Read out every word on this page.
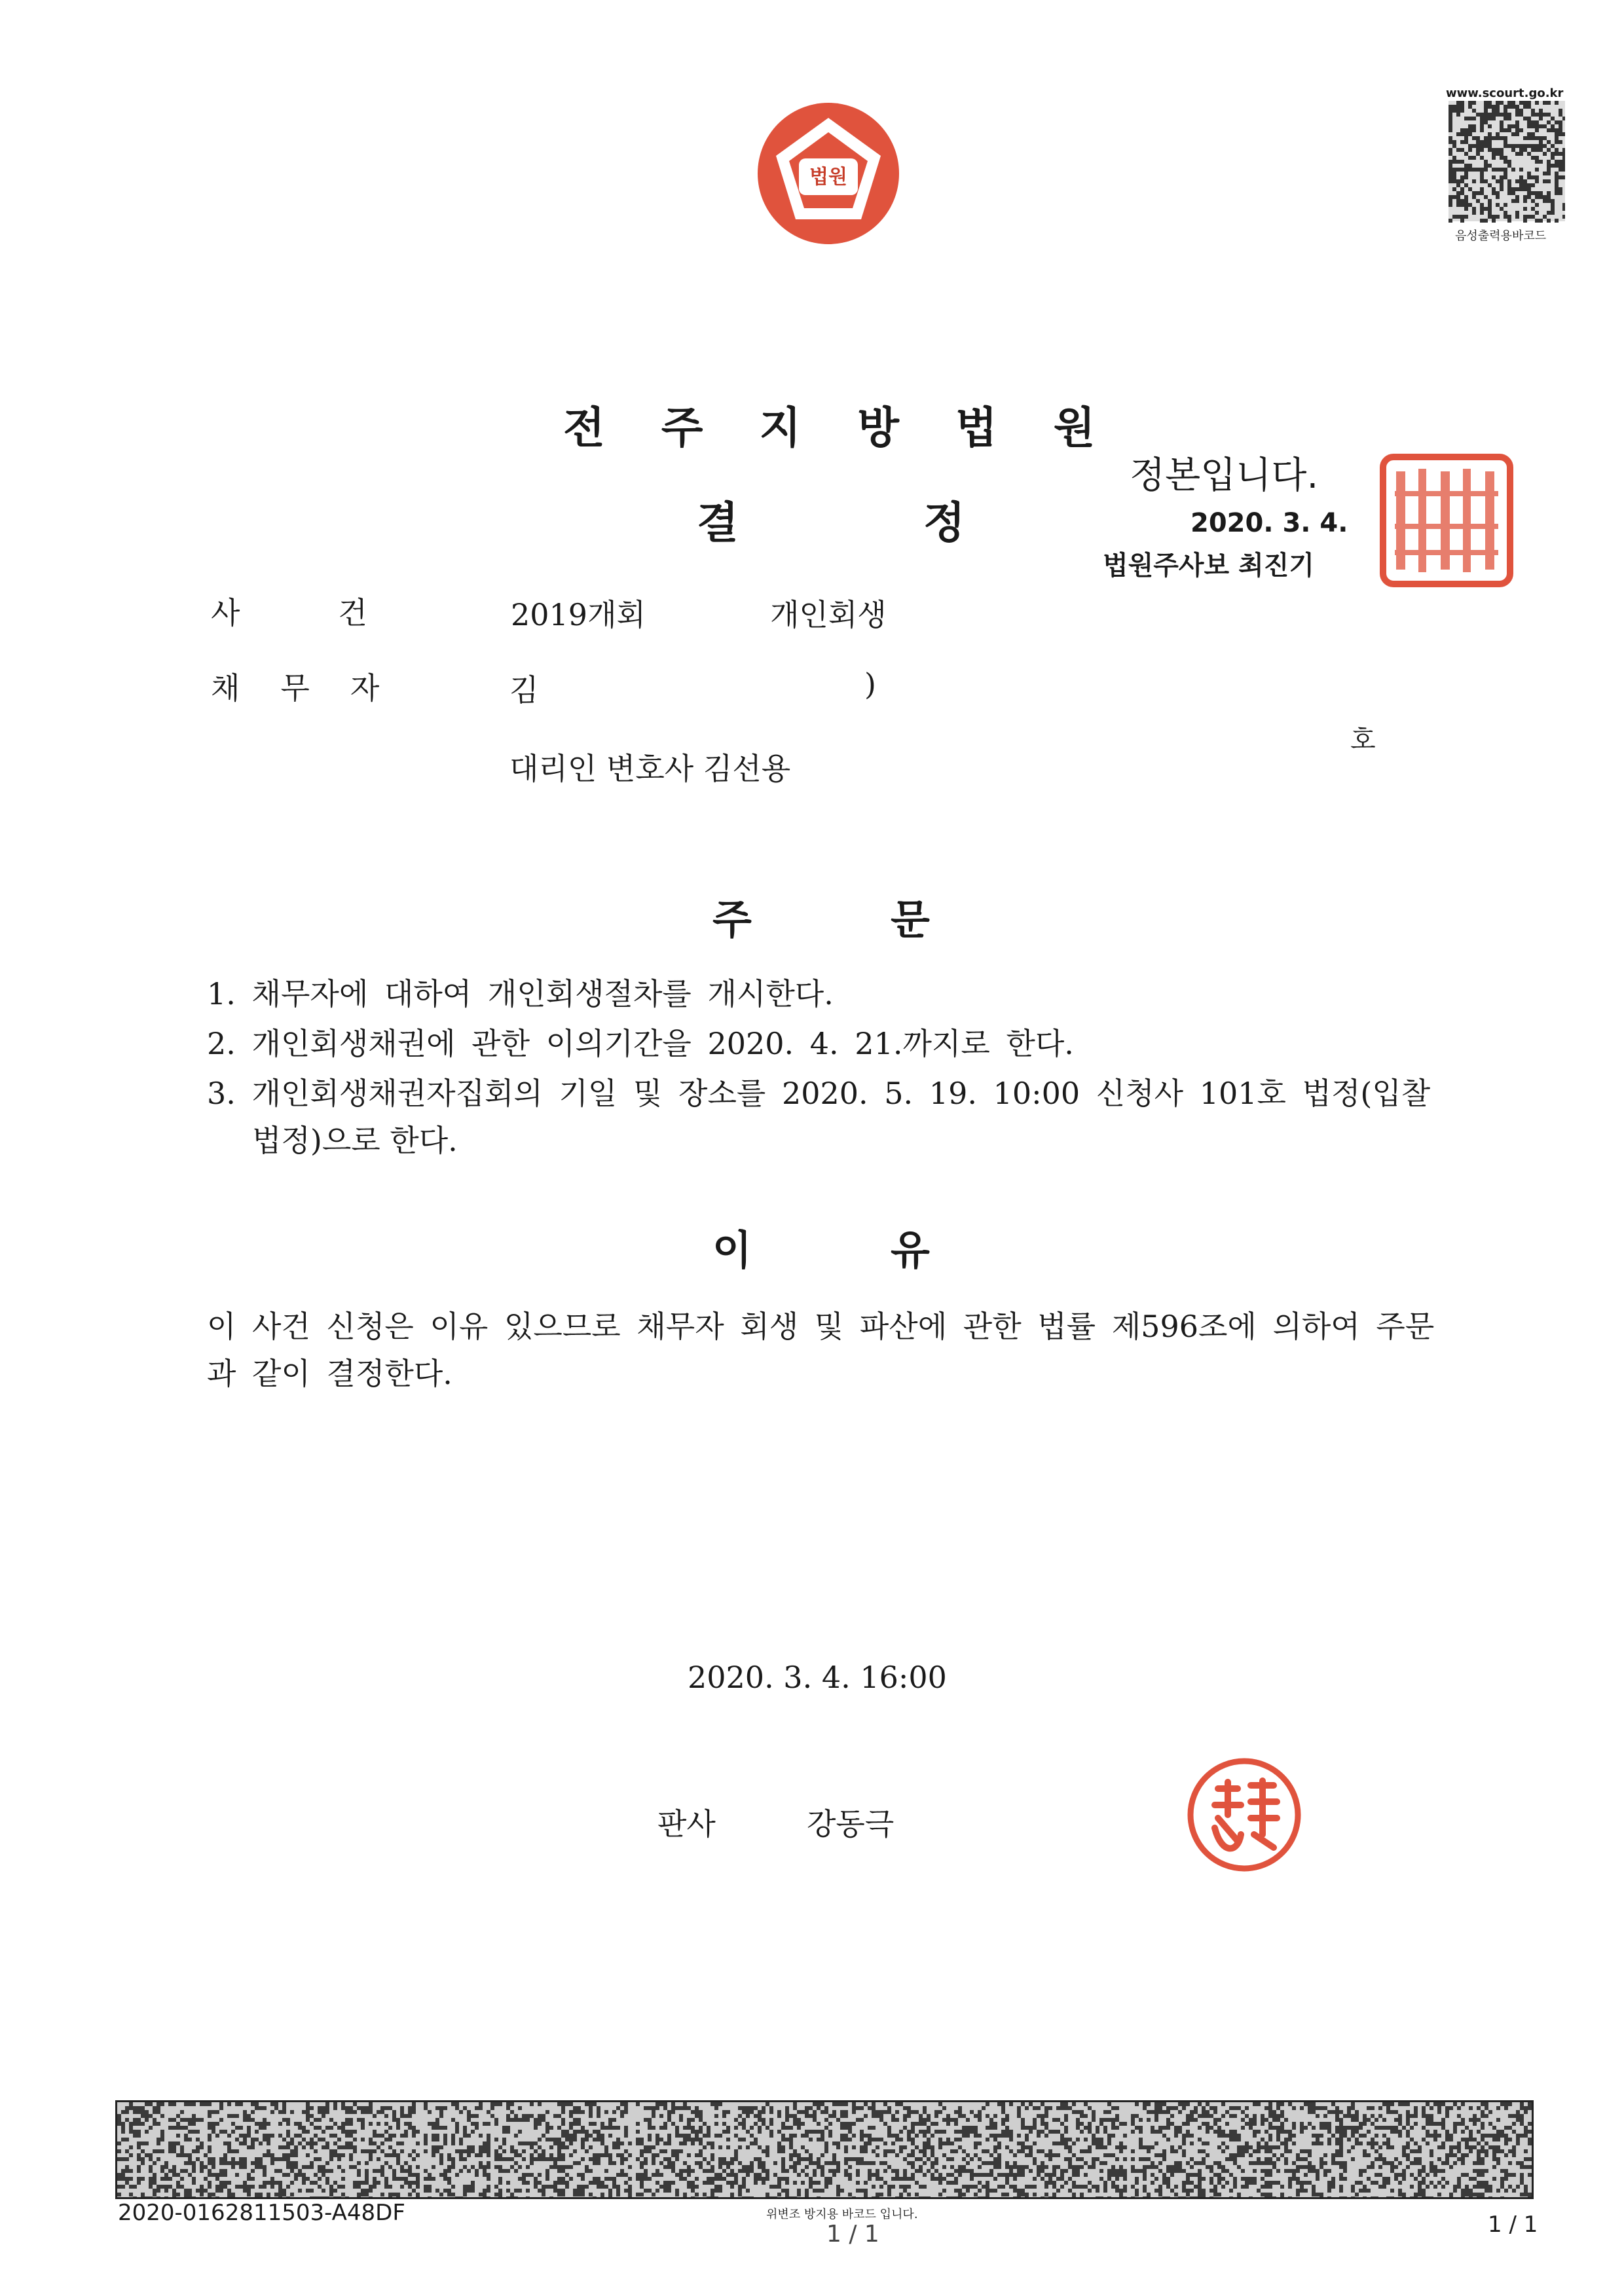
법원
www.scourt.go.kr
음성출력용바코드
전주지방법원
결	정
정본입니다.
2020. 3. 4.
법원주사보 최진기
사건 2019개회	개인회생
채무자	김	)
호
대리인 변호사 김선용
주	문
1. 채무자에 대하여 개인회생절차를 개시한다.
2. 개인회생채권에 관한 이의기간을 2020. 4. 21.까지로 한다.
3. 개인회생채권자집회의 기일 및 장소를 2020. 5. 19. 10:00 신청사 101호 법정(입찰
법정)으로 한다.
이	유
이 사건 신청은 이유 있으므로 채무자 회생 및 파산에 관한 법률 제596조에 의하여 주문과 같이 결정한다.
2020. 3. 4. 16:00
판사	강동극
2020-0162811503-A48DF	위변조 방지용 바코드 입니다.
1 / 1	1 / 1
